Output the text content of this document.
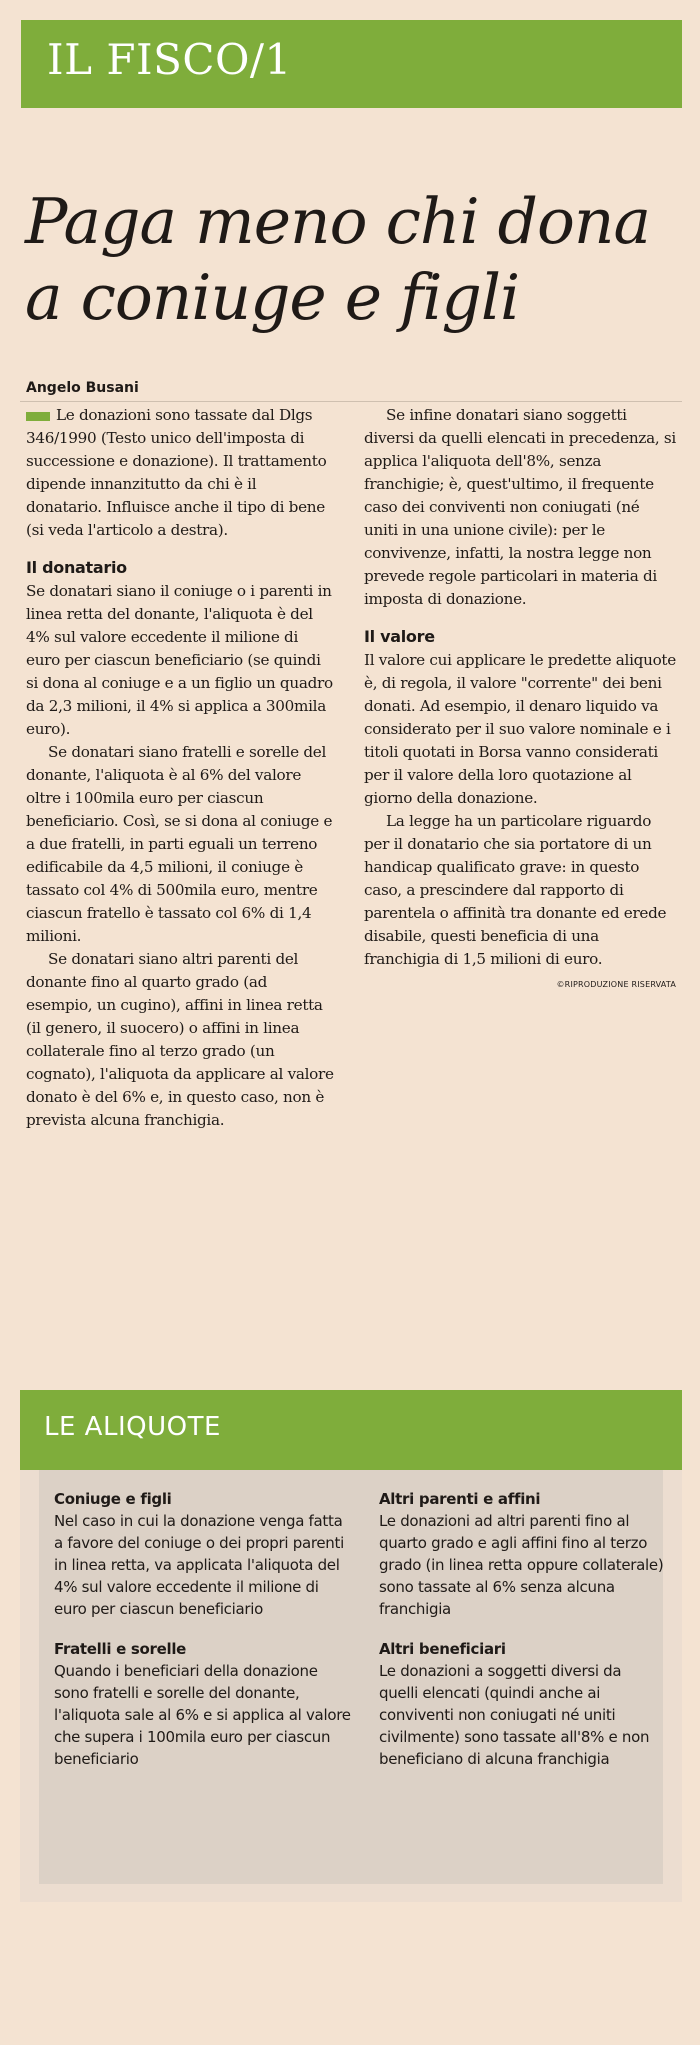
IL FISCO/1
Paga meno chi dona a coniuge e figli
Angelo Busani

Le donazioni sono tassate dal Dlgs 346/1990 (Testo unico dell'imposta di successione e donazione). Il trattamento dipende innanzitutto da chi è il donatario. Influisce anche il tipo di bene (si veda l'articolo a destra).

Il donatario

Se donatari siano il coniuge o i parenti in linea retta del donante, l'aliquota è del 4% sul valore eccedente il milione di euro per ciascun beneficiario (se quindi si dona al coniuge e a un figlio un quadro da 2,3 milioni, il 4% si applica a 300mila euro).

Se donatari siano fratelli e sorelle del donante, l'aliquota è al 6% del valore oltre i 100mila euro per ciascun beneficiario. Così, se si dona al coniuge e a due fratelli, in parti eguali un terreno edificabile da 4,5 milioni, il coniuge è tassato col 4% di 500mila euro, mentre ciascun fratello è tassato col 6% di 1,4 milioni.

Se donatari siano altri parenti del donante fino al quarto grado (ad esempio, un cugino), affini in linea retta (il genero, il suocero) o affini in linea collaterale fino al terzo grado (un cognato), l'aliquota da applicare al valore donato è del 6% e, in questo caso, non è prevista alcuna franchigia.

Se infine donatari siano soggetti diversi da quelli elencati in precedenza, si applica l'aliquota dell'8%, senza franchigie; è, quest'ultimo, il frequente caso dei conviventi non coniugati (né uniti in una unione civile): per le convivenze, infatti, la nostra legge non prevede regole particolari in materia di imposta di donazione.

Il valore

Il valore cui applicare le predette aliquote è, di regola, il valore "corrente" dei beni donati. Ad esempio, il denaro liquido va considerato per il suo valore nominale e i titoli quotati in Borsa vanno considerati per il valore della loro quotazione al giorno della donazione.

La legge ha un particolare riguardo per il donatario che sia portatore di un handicap qualificato grave: in questo caso, a prescindere dal rapporto di parentela o affinità tra donante ed erede disabile, questi beneficia di una franchigia di 1,5 milioni di euro.

©RIPRODUZIONE RISERVATA
LE ALIQUOTE
Coniuge e figli

Nel caso in cui la donazione venga fatta a favore del coniuge o dei propri parenti in linea retta, va applicata l'aliquota del 4% sul valore eccedente il milione di euro per ciascun beneficiario

Fratelli e sorelle

Quando i beneficiari della donazione sono fratelli e sorelle del donante, l'aliquota sale al 6% e si applica al valore che supera i 100mila euro per ciascun beneficiario

Altri parenti e affini

Le donazioni ad altri parenti fino al quarto grado e agli affini fino al terzo grado (in linea retta oppure collaterale) sono tassate al 6% senza alcuna franchigia

Altri beneficiari

Le donazioni a soggetti diversi da quelli elencati (quindi anche ai conviventi non coniugati né uniti civilmente) sono tassate all'8% e non beneficiano di alcuna franchigia
